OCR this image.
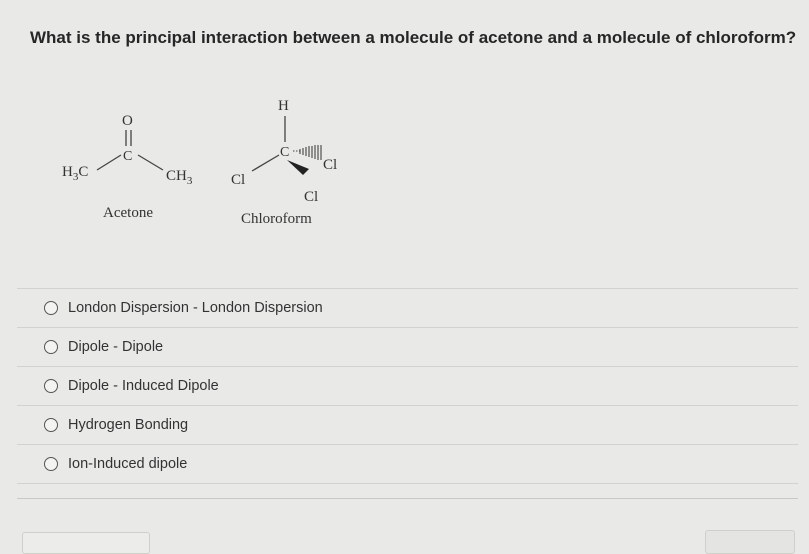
What is the principal interaction between a molecule of acetone and a molecule of chloroform?
O
C
$H_3C$	$CH_3$
Acetone
H
C
Cl
Cl
Cl
Chloroform
London Dispersion - London Dispersion
Dipole - Dipole
Dipole - Induced Dipole
Hydrogen Bonding
Ion-Induced dipole
